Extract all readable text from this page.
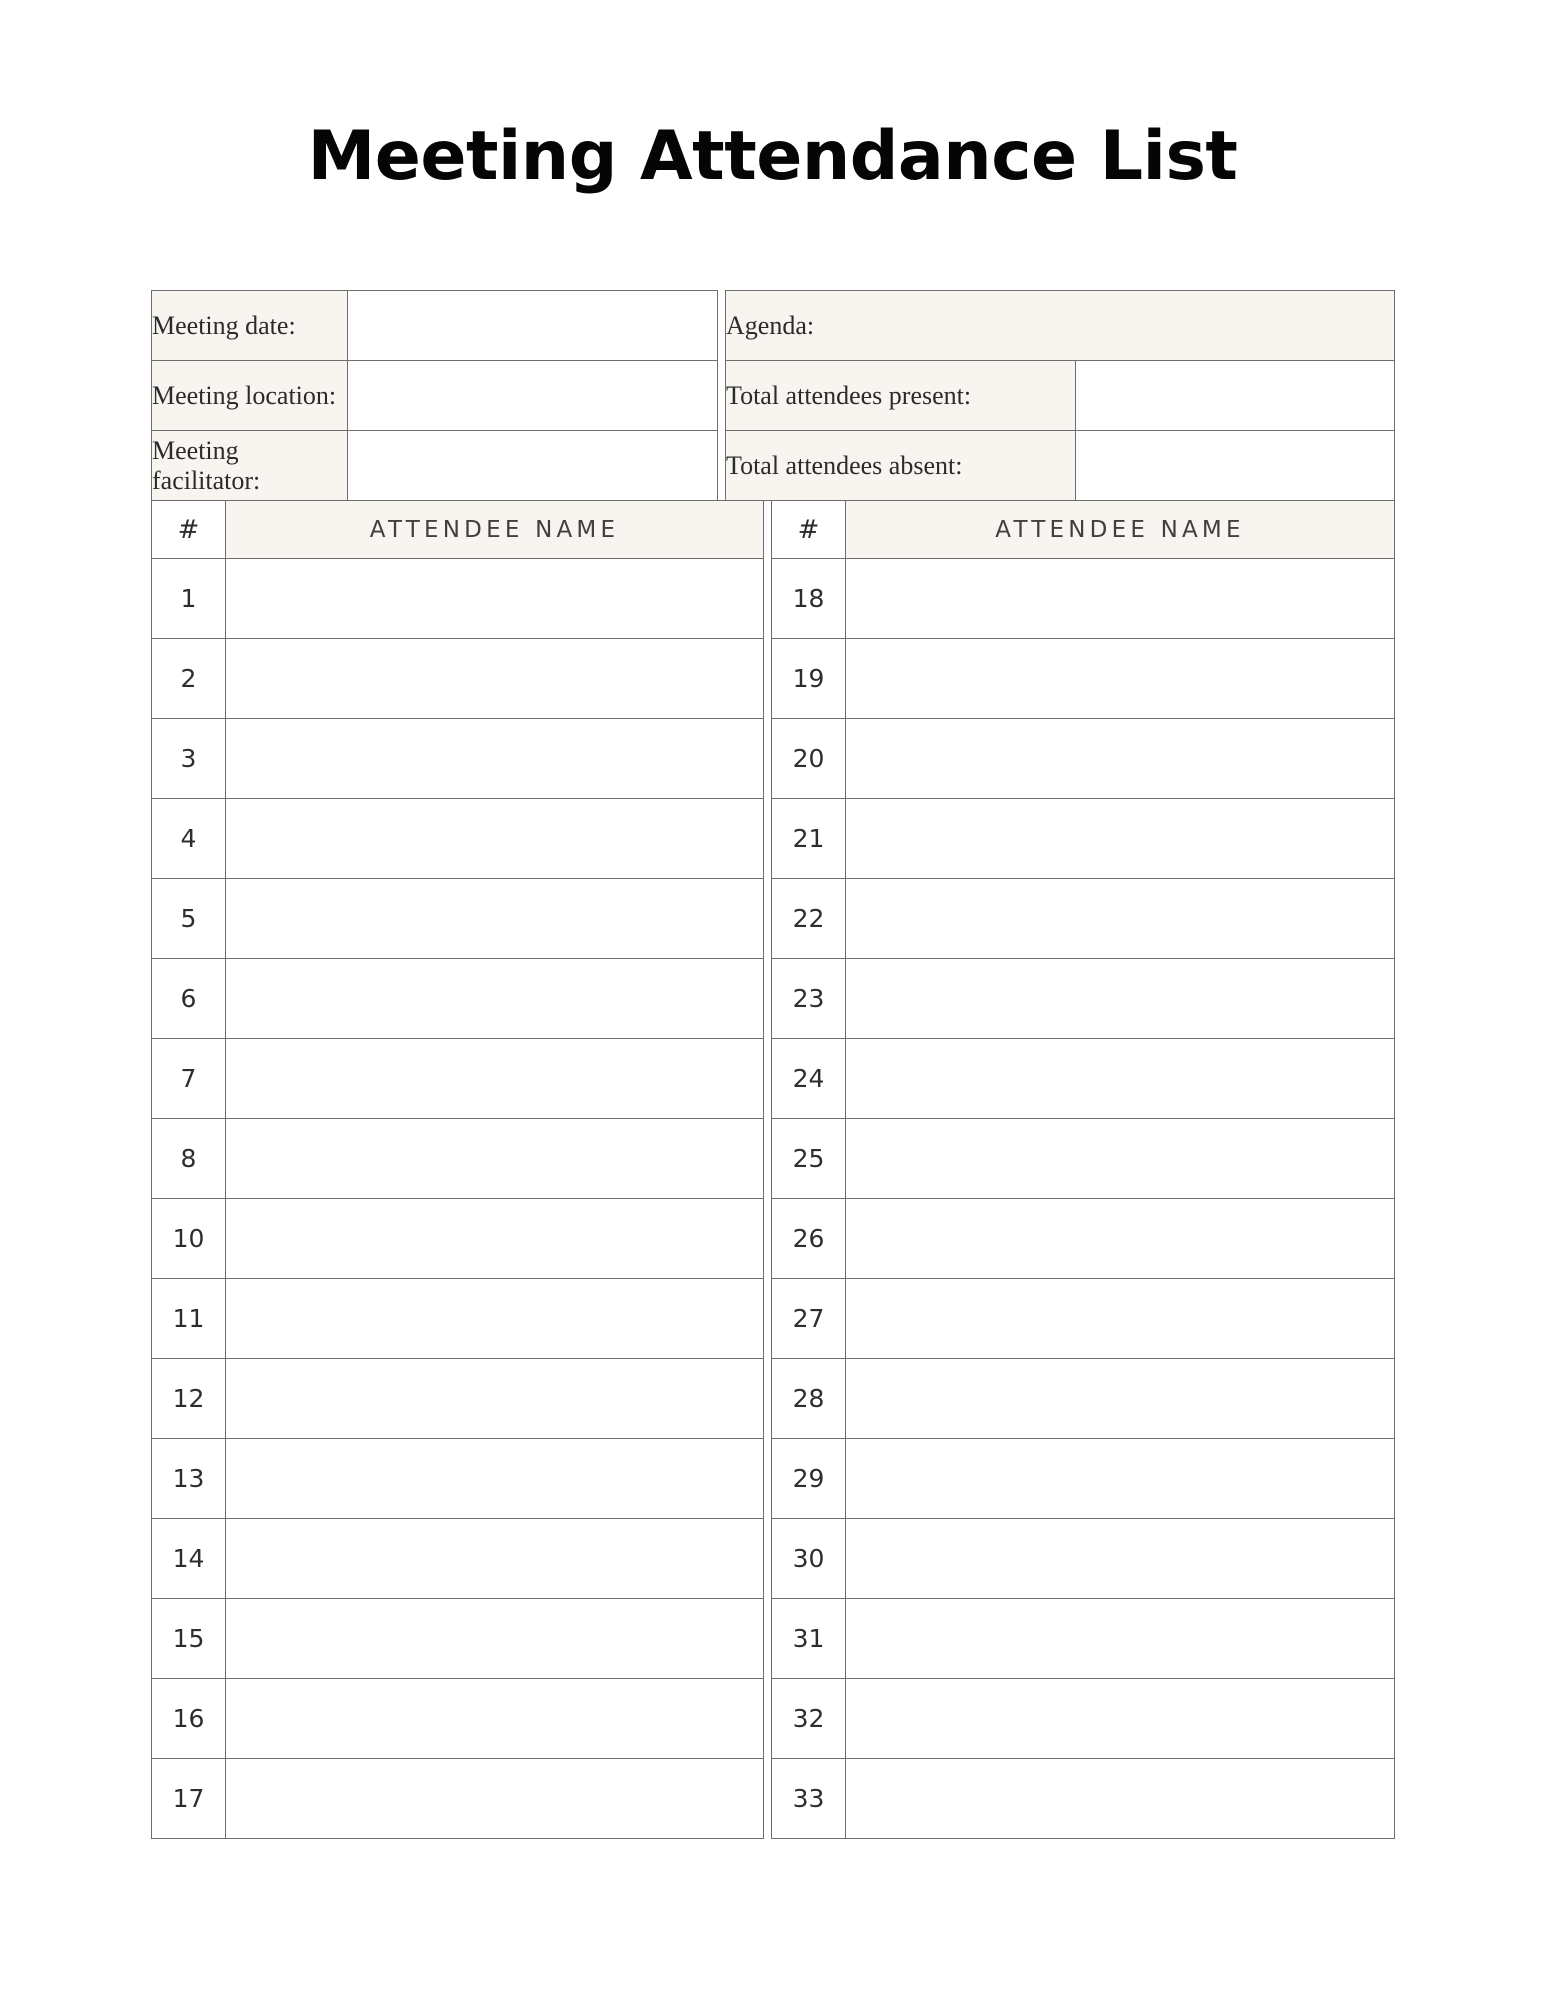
Meeting Attendance List
Meeting date:			Agenda:	
Meeting location:			Total attendees present:	
Meeting facilitator:			Total attendees absent:	
#	ATTENDEE NAME		#	ATTENDEE NAME
1			18	
2			19	
3			20	
4			21	
5			22	
6			23	
7			24	
8			25	
10			26	
11			27	
12			28	
13			29	
14			30	
15			31	
16			32	
17			33	
